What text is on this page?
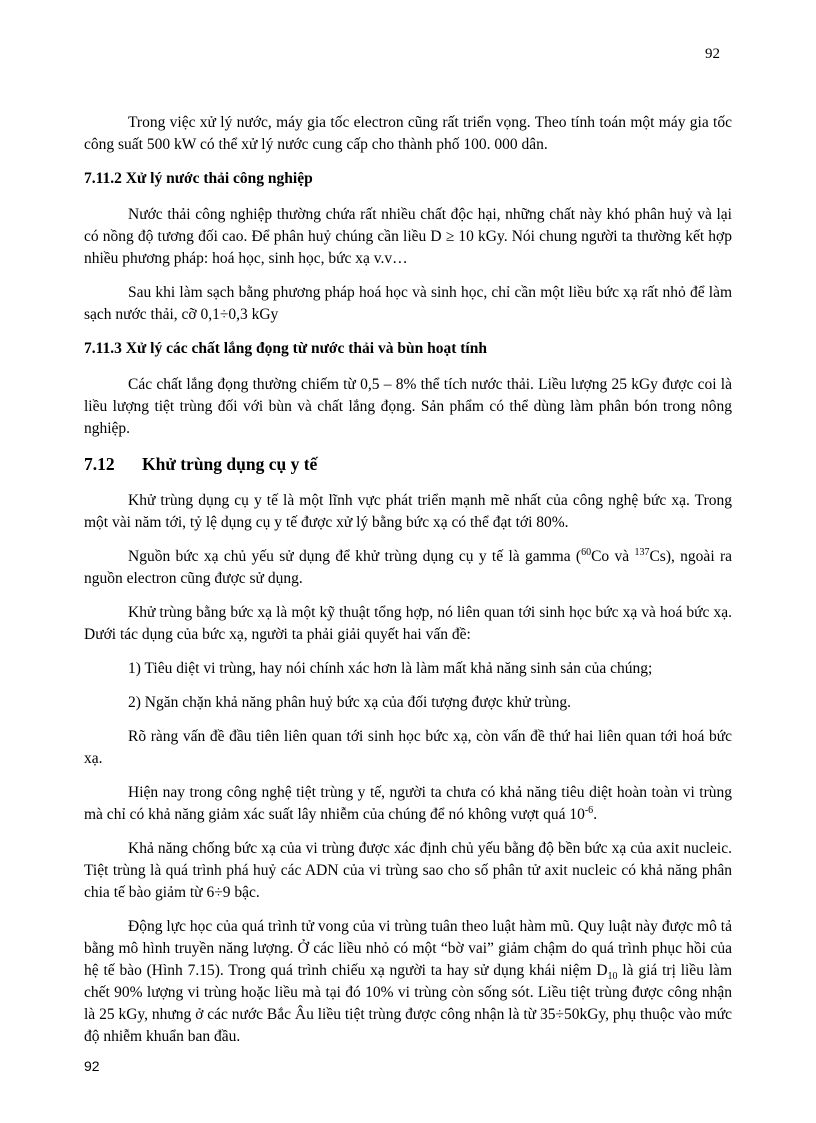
92

Trong việc xử lý nước, máy gia tốc electron cũng rất triển vọng. Theo tính toán một máy gia tốc công suất 500 kW có thể xử lý nước cung cấp cho thành phố 100. 000 dân.

7.11.2 Xử lý nước thải công nghiệp

Nước thải công nghiệp thường chứa rất nhiều chất độc hại, những chất này khó phân huỷ và lại có nồng độ tương đối cao. Để phân huỷ chúng cần liều D ≥ 10 kGy. Nói chung người ta thường kết hợp nhiều phương pháp: hoá học, sinh học, bức xạ v.v…

Sau khi làm sạch bằng phương pháp hoá học và sinh học, chỉ cần một liều bức xạ rất nhỏ để làm sạch nước thải, cỡ 0,1÷0,3 kGy

7.11.3 Xử lý các chất lắng đọng từ nước thải và bùn hoạt tính

Các chất lắng đọng thường chiếm từ 0,5 – 8% thể tích nước thải. Liều lượng 25 kGy được coi là liều lượng tiệt trùng đối với bùn và chất lắng đọng. Sản phẩm có thể dùng làm phân bón trong nông nghiệp.

7.12 Khử trùng dụng cụ y tế

Khử trùng dụng cụ y tế là một lĩnh vực phát triển mạnh mẽ nhất của công nghệ bức xạ. Trong một vài năm tới, tỷ lệ dụng cụ y tế được xử lý bằng bức xạ có thể đạt tới 80%.

Nguồn bức xạ chủ yếu sử dụng để khử trùng dụng cụ y tế là gamma ($^{60}$Co và $^{137}$Cs), ngoài ra nguồn electron cũng được sử dụng.

Khử trùng bằng bức xạ là một kỹ thuật tổng hợp, nó liên quan tới sinh học bức xạ và hoá bức xạ. Dưới tác dụng của bức xạ, người ta phải giải quyết hai vấn đề:

1) Tiêu diệt vi trùng, hay nói chính xác hơn là làm mất khả năng sinh sản của chúng;

2) Ngăn chặn khả năng phân huỷ bức xạ của đối tượng được khử trùng.

Rõ ràng vấn đề đầu tiên liên quan tới sinh học bức xạ, còn vấn đề thứ hai liên quan tới hoá bức xạ.

Hiện nay trong công nghệ tiệt trùng y tế, người ta chưa có khả năng tiêu diệt hoàn toàn vi trùng mà chỉ có khả năng giảm xác suất lây nhiễm của chúng để nó không vượt quá $10^{-6}$.

Khả năng chống bức xạ của vi trùng được xác định chủ yếu bằng độ bền bức xạ của axit nucleic. Tiệt trùng là quá trình phá huỷ các ADN của vi trùng sao cho số phân tử axit nucleic có khả năng phân chia tế bào giảm từ 6÷9 bậc.

Động lực học của quá trình tử vong của vi trùng tuân theo luật hàm mũ. Quy luật này được mô tả bằng mô hình truyền năng lượng. Ở các liều nhỏ có một “bờ vai” giảm chậm do quá trình phục hồi của hệ tế bào (Hình 7.15). Trong quá trình chiếu xạ người ta hay sử dụng khái niệm $D_{10}$ là giá trị liều làm chết 90% lượng vi trùng hoặc liều mà tại đó 10% vi trùng còn sống sót. Liều tiệt trùng được công nhận là 25 kGy, nhưng ở các nước Bắc Âu liều tiệt trùng được công nhận là từ 35÷50kGy, phụ thuộc vào mức độ nhiễm khuẩn ban đầu.

92
